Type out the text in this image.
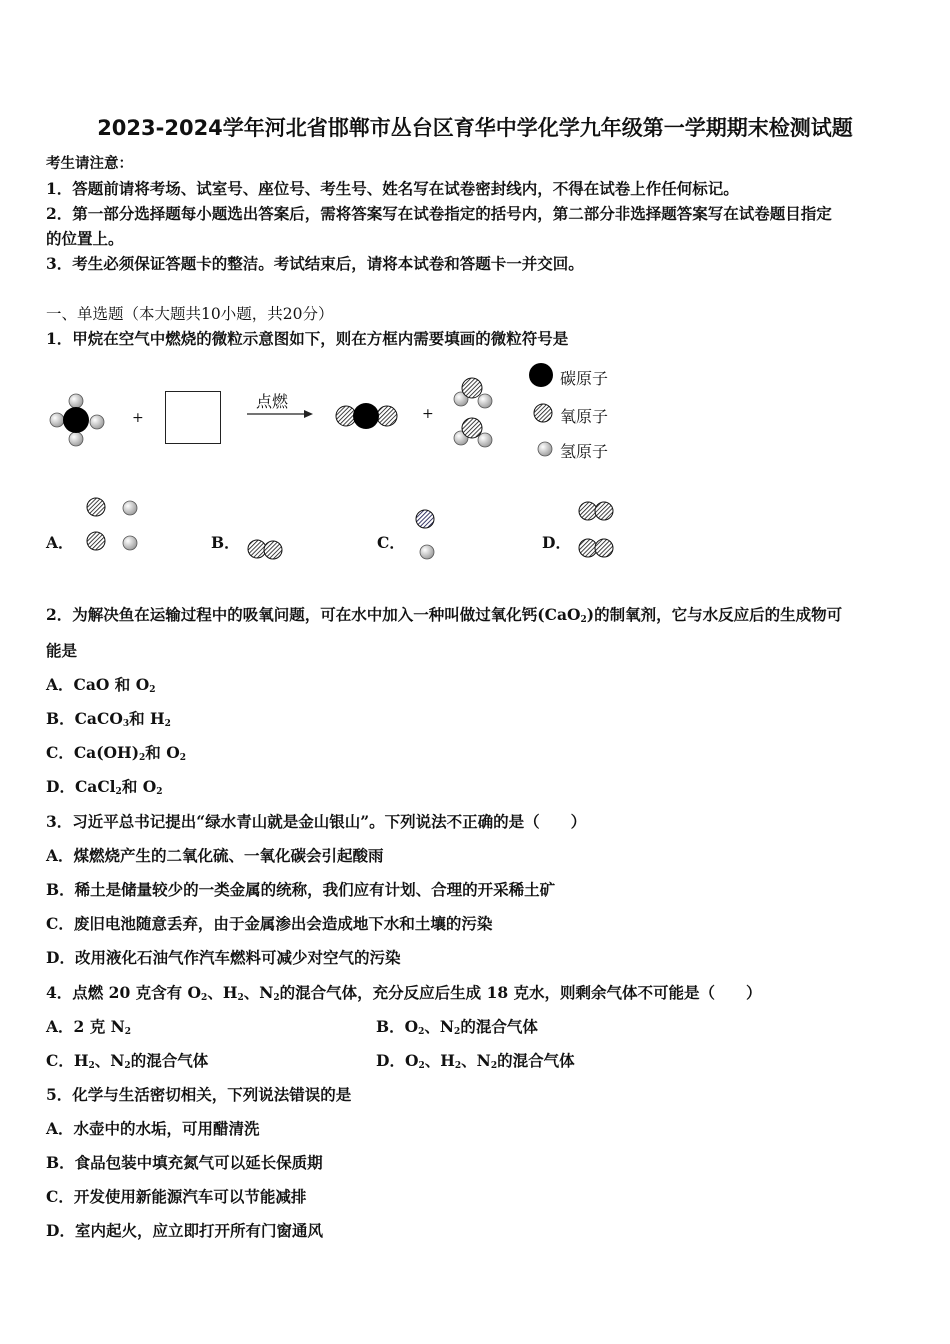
2023-2024学年河北省邯郸市丛台区育华中学化学九年级第一学期期末检测试题
考生请注意：
1．答题前请将考场、试室号、座位号、考生号、姓名写在试卷密封线内，不得在试卷上作任何标记。
2．第一部分选择题每小题选出答案后，需将答案写在试卷指定的括号内，第二部分非选择题答案写在试卷题目指定
的位置上。
3．考生必须保证答题卡的整洁。考试结束后，请将本试卷和答题卡一并交回。
一、单选题（本大题共10小题，共20分）
1．甲烷在空气中燃烧的微粒示意图如下，则在方框内需要填画的微粒符号是
+	+
点燃
碳原子
氧原子
氢原子
A．	B．	C．	D．
2．为解决鱼在运输过程中的吸氧问题，可在水中加入一种叫做过氧化钙(CaO$_2$)的制氧剂，它与水反应后的生成物可
能是
A．CaO 和 $O_2$
B．CaCO$_3$和 $H_2$
C．$Ca(OH)_2$和 $O_2$
D．CaCl$_2$和 $O_2$
3．习近平总书记提出“绿水青山就是金山银山”。下列说法不正确的是（　　）
A．煤燃烧产生的二氧化硫、一氧化碳会引起酸雨
B．稀土是储量较少的一类金属的统称，我们应有计划、合理的开采稀土矿
C．废旧电池随意丢弃，由于金属渗出会造成地下水和土壤的污染
D．改用液化石油气作汽车燃料可减少对空气的污染
4．点燃 20 克含有 $O_2$、$H_2$、$N_2$的混合气体，充分反应后生成 18 克水，则剩余气体不可能是（　　）
A．2 克 $N_2$	B．$O_2$、$N_2$的混合气体
C．$H_2$、$N_2$的混合气体	D．$O_2$、$H_2$、$N_2$的混合气体
5．化学与生活密切相关，下列说法错误的是
A．水壶中的水垢，可用醋清洗
B．食品包装中填充氮气可以延长保质期
C．开发使用新能源汽车可以节能减排
D．室内起火，应立即打开所有门窗通风
